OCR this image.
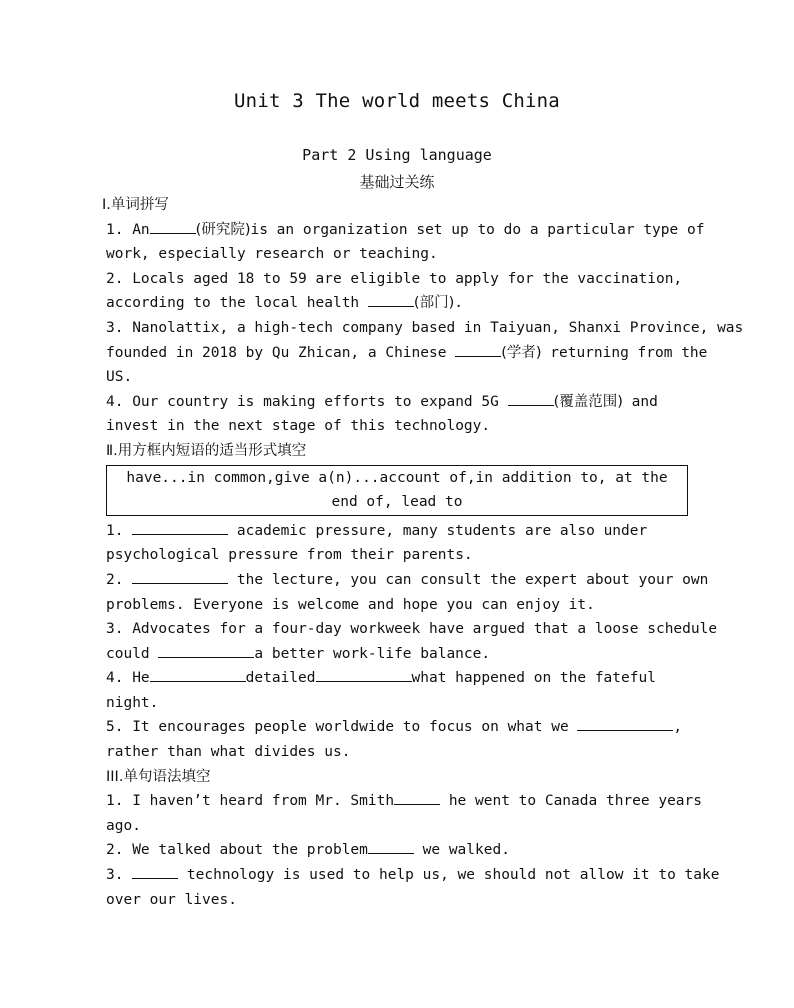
Unit 3 The world meets China
Part 2 Using language
基础过关练
Ⅰ.单词拼写
1. An	(研究院)is an organization set up to do a particular type of
work, especially research or teaching.
2. Locals aged 18 to 59 are eligible to apply for the vaccination,
according to the local health	(部门).
3. Nanolattix, a high-tech company based in Taiyuan, Shanxi Province, was
founded in 2018 by Qu Zhican, a Chinese	(学者) returning from the
US.
4. Our country is making efforts to expand 5G	(覆盖范围) and
invest in the next stage of this technology.
Ⅱ.用方框内短语的适当形式填空
have...in common,give a(n)...account of,in addition to, at the end of, lead to
1.	academic pressure, many students are also under
psychological pressure from their parents.
2.	the lecture, you can consult the expert about your own
problems. Everyone is welcome and hope you can enjoy it.
3. Advocates for a four-day workweek have argued that a loose schedule
could	a better work-life balance.
4. He	detailed	what happened on the fateful
night.
5. It encourages people worldwide to focus on what we	,
rather than what divides us.
III.单句语法填空
1. I haven’t heard from Mr. Smith	he went to Canada three years
ago.
2. We talked about the problem	we walked.
3.	technology is used to help us, we should not allow it to take
over our lives.
